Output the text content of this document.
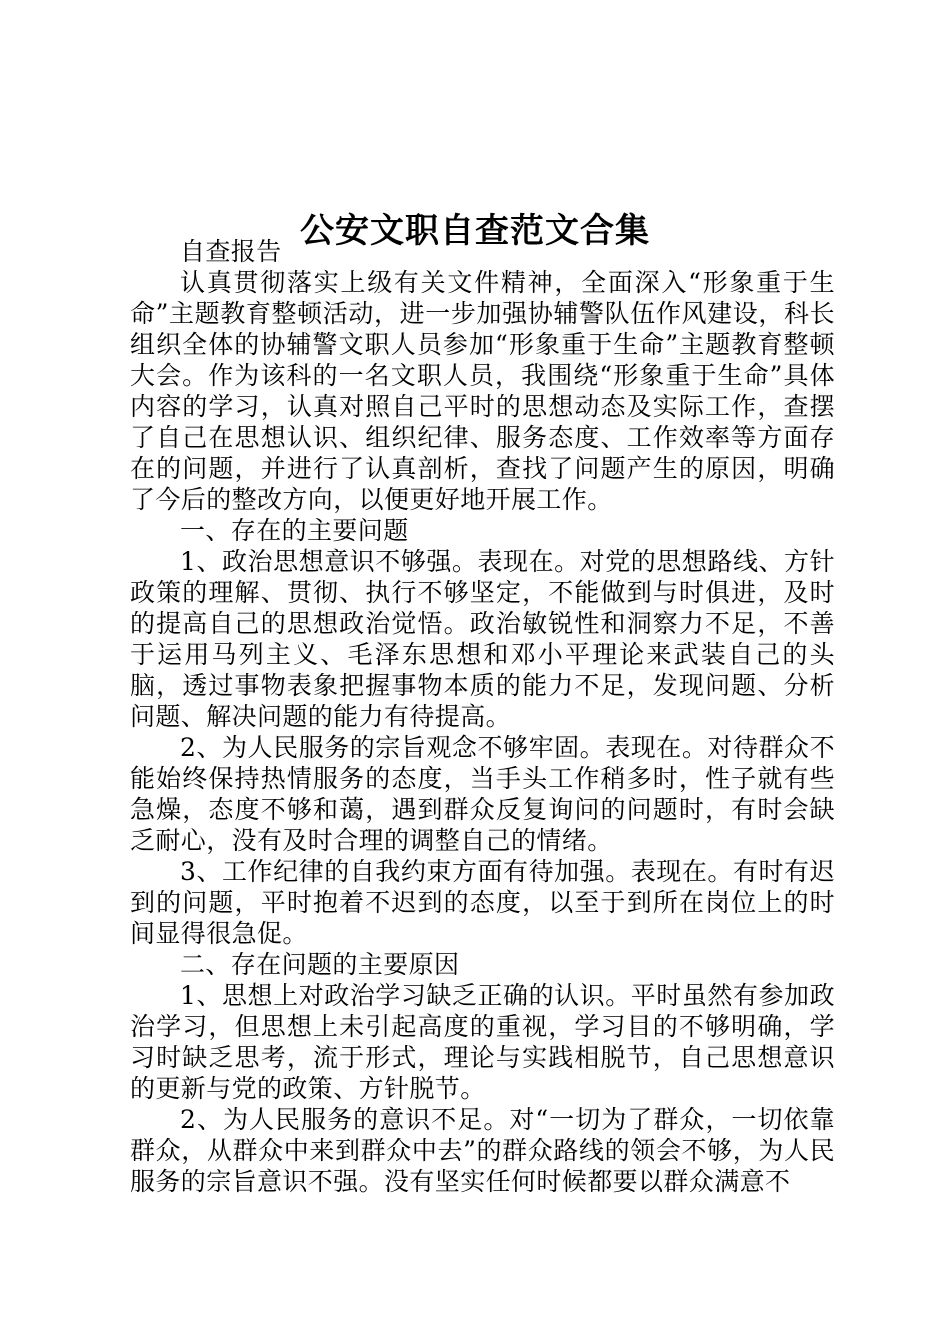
公安文职自查范文合集

自查报告

认真贯彻落实上级有关文件精神，全面深入“形象重于生命”主题教育整顿活动，进一步加强协辅警队伍作风建设，科长组织全体的协辅警文职人员参加“形象重于生命”主题教育整顿大会。作为该科的一名文职人员，我围绕“形象重于生命”具体内容的学习，认真对照自己平时的思想动态及实际工作，查摆了自己在思想认识、组织纪律、服务态度、工作效率等方面存在的问题，并进行了认真剖析，查找了问题产生的原因，明确了今后的整改方向，以便更好地开展工作。

一、存在的主要问题

1、政治思想意识不够强。表现在。对党的思想路线、方针政策的理解、贯彻、执行不够坚定，不能做到与时俱进，及时的提高自己的思想政治觉悟。政治敏锐性和洞察力不足，不善于运用马列主义、毛泽东思想和邓小平理论来武装自己的头脑，透过事物表象把握事物本质的能力不足，发现问题、分析问题、解决问题的能力有待提高。

2、为人民服务的宗旨观念不够牢固。表现在。对待群众不能始终保持热情服务的态度，当手头工作稍多时，性子就有些急燥，态度不够和蔼，遇到群众反复询问的问题时，有时会缺乏耐心，没有及时合理的调整自己的情绪。

3、工作纪律的自我约束方面有待加强。表现在。有时有迟到的问题，平时抱着不迟到的态度，以至于到所在岗位上的时间显得很急促。

二、存在问题的主要原因

1、思想上对政治学习缺乏正确的认识。平时虽然有参加政治学习，但思想上未引起高度的重视，学习目的不够明确，学习时缺乏思考，流于形式，理论与实践相脱节，自己思想意识的更新与党的政策、方针脱节。

2、为人民服务的意识不足。对“一切为了群众，一切依靠群众，从群众中来到群众中去”的群众路线的领会不够，为人民服务的宗旨意识不强。没有坚实任何时候都要以群众满意不
